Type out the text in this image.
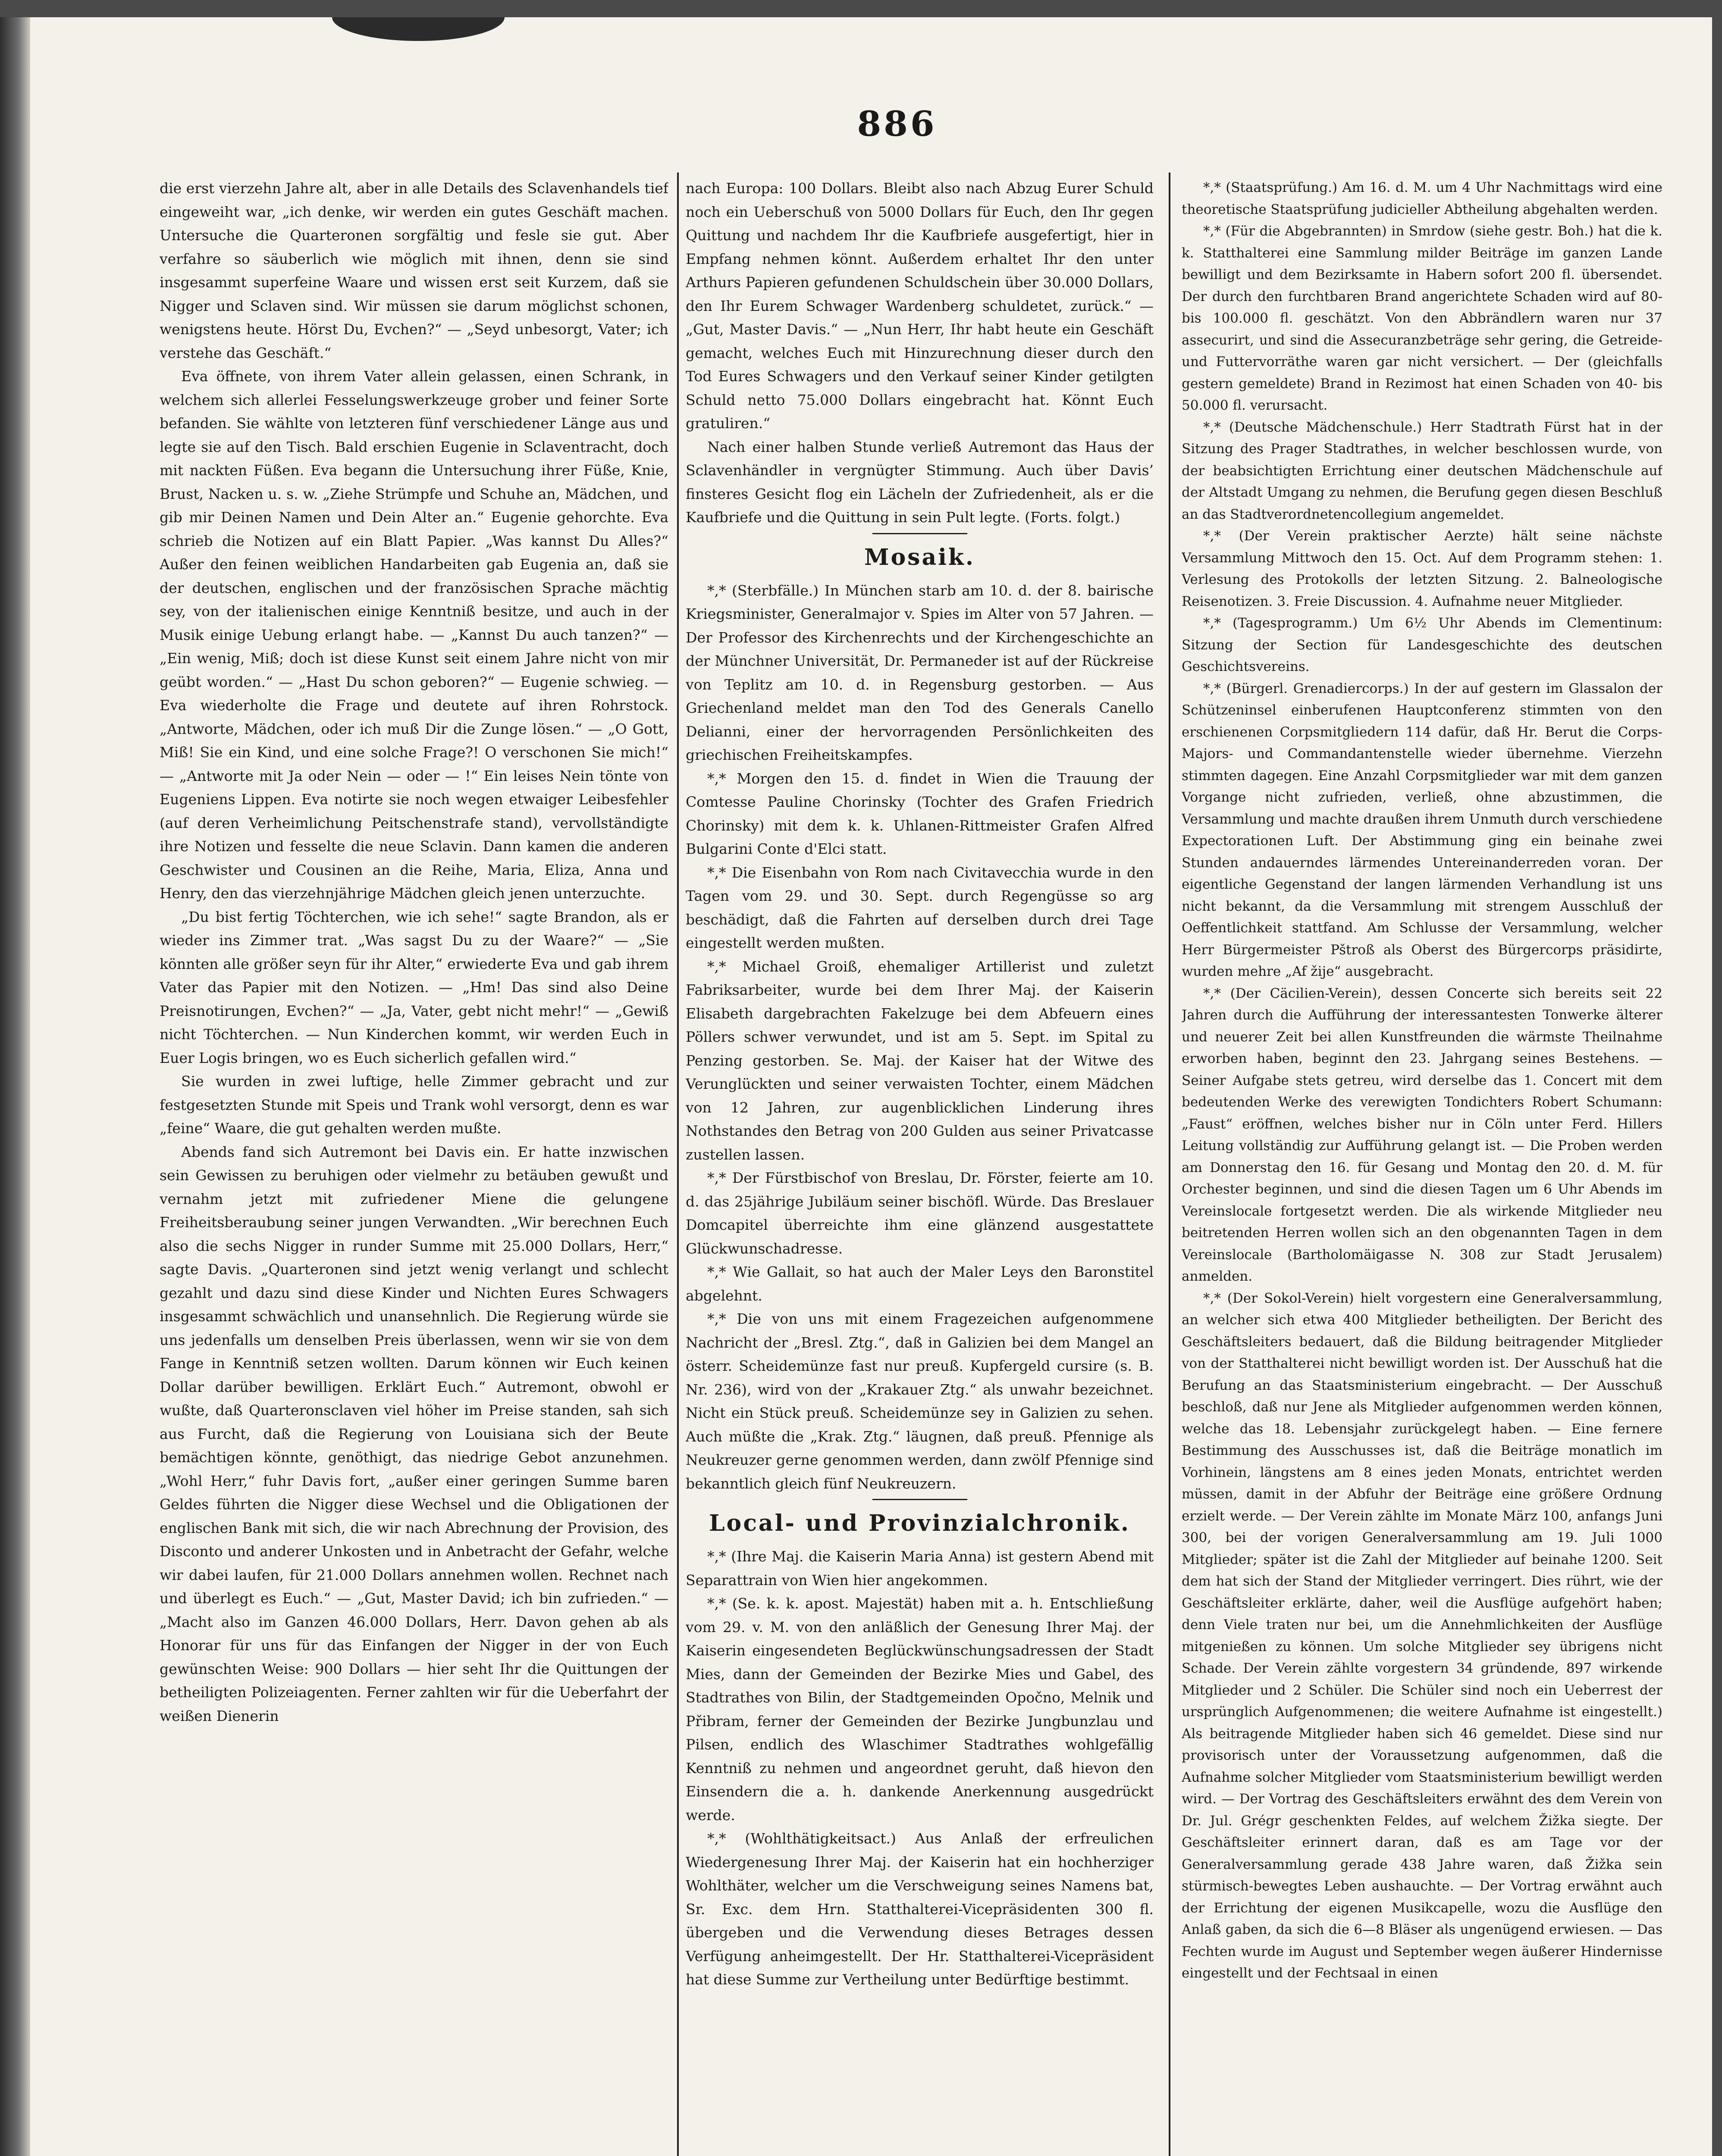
886

die erst vierzehn Jahre alt, aber in alle Details des Sclavenhandels tief eingeweiht war, „ich denke, wir werden ein gutes Geschäft machen. Untersuche die Quarteronen sorgfältig und fesle sie gut. Aber verfahre so säuberlich wie möglich mit ihnen, denn sie sind insgesammt superfeine Waare und wissen erst seit Kurzem, daß sie Nigger und Sclaven sind. Wir müssen sie darum möglichst schonen, wenigstens heute. Hörst Du, Evchen?“ — „Seyd unbesorgt, Vater; ich verstehe das Geschäft.“

Eva öffnete, von ihrem Vater allein gelassen, einen Schrank, in welchem sich allerlei Fesselungswerkzeuge grober und feiner Sorte befanden. Sie wählte von letzteren fünf verschiedener Länge aus und legte sie auf den Tisch. Bald erschien Eugenie in Sclaventracht, doch mit nackten Füßen. Eva begann die Untersuchung ihrer Füße, Knie, Brust, Nacken u. s. w. „Ziehe Strümpfe und Schuhe an, Mädchen, und gib mir Deinen Namen und Dein Alter an.“ Eugenie gehorchte. Eva schrieb die Notizen auf ein Blatt Papier. „Was kannst Du Alles?“ Außer den feinen weiblichen Handarbeiten gab Eugenia an, daß sie der deutschen, englischen und der französischen Sprache mächtig sey, von der italienischen einige Kenntniß besitze, und auch in der Musik einige Uebung erlangt habe. — „Kannst Du auch tanzen?“ — „Ein wenig, Miß; doch ist diese Kunst seit einem Jahre nicht von mir geübt worden.“ — „Hast Du schon geboren?“ — Eugenie schwieg. — Eva wiederholte die Frage und deutete auf ihren Rohrstock. „Antworte, Mädchen, oder ich muß Dir die Zunge lösen.“ — „O Gott, Miß! Sie ein Kind, und eine solche Frage?! O verschonen Sie mich!“ — „Antworte mit Ja oder Nein — oder — !“ Ein leises Nein tönte von Eugeniens Lippen. Eva notirte sie noch wegen etwaiger Leibesfehler (auf deren Verheimlichung Peitschenstrafe stand), vervollständigte ihre Notizen und fesselte die neue Sclavin. Dann kamen die anderen Geschwister und Cousinen an die Reihe, Maria, Eliza, Anna und Henry, den das vierzehnjährige Mädchen gleich jenen unterzuchte.

„Du bist fertig Töchterchen, wie ich sehe!“ sagte Brandon, als er wieder ins Zimmer trat. „Was sagst Du zu der Waare?“ — „Sie könnten alle größer seyn für ihr Alter,“ erwiederte Eva und gab ihrem Vater das Papier mit den Notizen. — „Hm! Das sind also Deine Preisnotirungen, Evchen?“ — „Ja, Vater, gebt nicht mehr!“ — „Gewiß nicht Töchterchen. — Nun Kinderchen kommt, wir werden Euch in Euer Logis bringen, wo es Euch sicherlich gefallen wird.“

Sie wurden in zwei luftige, helle Zimmer gebracht und zur festgesetzten Stunde mit Speis und Trank wohl versorgt, denn es war „feine“ Waare, die gut gehalten werden mußte.

Abends fand sich Autremont bei Davis ein. Er hatte inzwischen sein Gewissen zu beruhigen oder vielmehr zu betäuben gewußt und vernahm jetzt mit zufriedener Miene die gelungene Freiheitsberaubung seiner jungen Verwandten. „Wir berechnen Euch also die sechs Nigger in runder Summe mit 25.000 Dollars, Herr,“ sagte Davis. „Quarteronen sind jetzt wenig verlangt und schlecht gezahlt und dazu sind diese Kinder und Nichten Eures Schwagers insgesammt schwächlich und unansehnlich. Die Regierung würde sie uns jedenfalls um denselben Preis überlassen, wenn wir sie von dem Fange in Kenntniß setzen wollten. Darum können wir Euch keinen Dollar darüber bewilligen. Erklärt Euch.“ Autremont, obwohl er wußte, daß Quarteronsclaven viel höher im Preise standen, sah sich aus Furcht, daß die Regierung von Louisiana sich der Beute bemächtigen könnte, genöthigt, das niedrige Gebot anzunehmen. „Wohl Herr,“ fuhr Davis fort, „außer einer geringen Summe baren Geldes führten die Nigger diese Wechsel und die Obligationen der englischen Bank mit sich, die wir nach Abrechnung der Provision, des Disconto und anderer Unkosten und in Anbetracht der Gefahr, welche wir dabei laufen, für 21.000 Dollars annehmen wollen. Rechnet nach und überlegt es Euch.“ — „Gut, Master David; ich bin zufrieden.“ — „Macht also im Ganzen 46.000 Dollars, Herr. Davon gehen ab als Honorar für uns für das Einfangen der Nigger in der von Euch gewünschten Weise: 900 Dollars — hier seht Ihr die Quittungen der betheiligten Polizeiagenten. Ferner zahlten wir für die Ueberfahrt der weißen Dienerin

nach Europa: 100 Dollars. Bleibt also nach Abzug Eurer Schuld noch ein Ueberschuß von 5000 Dollars für Euch, den Ihr gegen Quittung und nachdem Ihr die Kaufbriefe ausgefertigt, hier in Empfang nehmen könnt. Außerdem erhaltet Ihr den unter Arthurs Papieren gefundenen Schuldschein über 30.000 Dollars, den Ihr Eurem Schwager Wardenberg schuldetet, zurück.“ — „Gut, Master Davis.“ — „Nun Herr, Ihr habt heute ein Geschäft gemacht, welches Euch mit Hinzurechnung dieser durch den Tod Eures Schwagers und den Verkauf seiner Kinder getilgten Schuld netto 75.000 Dollars eingebracht hat. Könnt Euch gratuliren.“

Nach einer halben Stunde verließ Autremont das Haus der Sclavenhändler in vergnügter Stimmung. Auch über Davis’ finsteres Gesicht flog ein Lächeln der Zufriedenheit, als er die Kaufbriefe und die Quittung in sein Pult legte. (Forts. folgt.)

Mosaik.

*,* (Sterbfälle.) In München starb am 10. d. der 8. bairische Kriegsminister, Generalmajor v. Spies im Alter von 57 Jahren. — Der Professor des Kirchenrechts und der Kirchengeschichte an der Münchner Universität, Dr. Permaneder ist auf der Rückreise von Teplitz am 10. d. in Regensburg gestorben. — Aus Griechenland meldet man den Tod des Generals Canello Delianni, einer der hervorragenden Persönlichkeiten des griechischen Freiheitskampfes.

*,* Morgen den 15. d. findet in Wien die Trauung der Comtesse Pauline Chorinsky (Tochter des Grafen Friedrich Chorinsky) mit dem k. k. Uhlanen-Rittmeister Grafen Alfred Bulgarini Conte d'Elci statt.

*,* Die Eisenbahn von Rom nach Civitavecchia wurde in den Tagen vom 29. und 30. Sept. durch Regengüsse so arg beschädigt, daß die Fahrten auf derselben durch drei Tage eingestellt werden mußten.

*,* Michael Groiß, ehemaliger Artillerist und zuletzt Fabriksarbeiter, wurde bei dem Ihrer Maj. der Kaiserin Elisabeth dargebrachten Fakelzuge bei dem Abfeuern eines Pöllers schwer verwundet, und ist am 5. Sept. im Spital zu Penzing gestorben. Se. Maj. der Kaiser hat der Witwe des Verunglückten und seiner verwaisten Tochter, einem Mädchen von 12 Jahren, zur augenblicklichen Linderung ihres Nothstandes den Betrag von 200 Gulden aus seiner Privatcasse zustellen lassen.

*,* Der Fürstbischof von Breslau, Dr. Förster, feierte am 10. d. das 25jährige Jubiläum seiner bischöfl. Würde. Das Breslauer Domcapitel überreichte ihm eine glänzend ausgestattete Glückwunschadresse.

*,* Wie Gallait, so hat auch der Maler Leys den Baronstitel abgelehnt.

*,* Die von uns mit einem Fragezeichen aufgenommene Nachricht der „Bresl. Ztg.“, daß in Galizien bei dem Mangel an österr. Scheidemünze fast nur preuß. Kupfergeld cursire (s. B. Nr. 236), wird von der „Krakauer Ztg.“ als unwahr bezeichnet. Nicht ein Stück preuß. Scheidemünze sey in Galizien zu sehen. Auch müßte die „Krak. Ztg.“ läugnen, daß preuß. Pfennige als Neukreuzer gerne genommen werden, dann zwölf Pfennige sind bekanntlich gleich fünf Neukreuzern.

Local- und Provinzialchronik.

*,* (Ihre Maj. die Kaiserin Maria Anna) ist gestern Abend mit Separattrain von Wien hier angekommen.

*,* (Se. k. k. apost. Majestät) haben mit a. h. Entschließung vom 29. v. M. von den anläßlich der Genesung Ihrer Maj. der Kaiserin eingesendeten Beglückwünschungsadressen der Stadt Mies, dann der Gemeinden der Bezirke Mies und Gabel, des Stadtrathes von Bilin, der Stadtgemeinden Opočno, Melnik und Přibram, ferner der Gemeinden der Bezirke Jungbunzlau und Pilsen, endlich des Wlaschimer Stadtrathes wohlgefällig Kenntniß zu nehmen und angeordnet geruht, daß hievon den Einsendern die a. h. dankende Anerkennung ausgedrückt werde.

*,* (Wohlthätigkeitsact.) Aus Anlaß der erfreulichen Wiedergenesung Ihrer Maj. der Kaiserin hat ein hochherziger Wohlthäter, welcher um die Verschweigung seines Namens bat, Sr. Exc. dem Hrn. Statthalterei-Vicepräsidenten 300 fl. übergeben und die Verwendung dieses Betrages dessen Verfügung anheimgestellt. Der Hr. Statthalterei-Vicepräsident hat diese Summe zur Vertheilung unter Bedürftige bestimmt.

*,* (Staatsprüfung.) Am 16. d. M. um 4 Uhr Nachmittags wird eine theoretische Staatsprüfung judicieller Abtheilung abgehalten werden.

*,* (Für die Abgebrannten) in Smrdow (siehe gestr. Boh.) hat die k. k. Statthalterei eine Sammlung milder Beiträge im ganzen Lande bewilligt und dem Bezirksamte in Habern sofort 200 fl. übersendet. Der durch den furchtbaren Brand angerichtete Schaden wird auf 80- bis 100.000 fl. geschätzt. Von den Abbrändlern waren nur 37 assecurirt, und sind die Assecuranzbeträge sehr gering, die Getreide- und Futtervorräthe waren gar nicht versichert. — Der (gleichfalls gestern gemeldete) Brand in Rezimost hat einen Schaden von 40- bis 50.000 fl. verursacht.

*,* (Deutsche Mädchenschule.) Herr Stadtrath Fürst hat in der Sitzung des Prager Stadtrathes, in welcher beschlossen wurde, von der beabsichtigten Errichtung einer deutschen Mädchenschule auf der Altstadt Umgang zu nehmen, die Berufung gegen diesen Beschluß an das Stadtverordnetencollegium angemeldet.

*,* (Der Verein praktischer Aerzte) hält seine nächste Versammlung Mittwoch den 15. Oct. Auf dem Programm stehen: 1. Verlesung des Protokolls der letzten Sitzung. 2. Balneologische Reisenotizen. 3. Freie Discussion. 4. Aufnahme neuer Mitglieder.

*,* (Tagesprogramm.) Um 6½ Uhr Abends im Clementinum: Sitzung der Section für Landesgeschichte des deutschen Geschichtsvereins.

*,* (Bürgerl. Grenadiercorps.) In der auf gestern im Glassalon der Schützeninsel einberufenen Hauptconferenz stimmten von den erschienenen Corpsmitgliedern 114 dafür, daß Hr. Berut die Corps-Majors- und Commandantenstelle wieder übernehme. Vierzehn stimmten dagegen. Eine Anzahl Corpsmitglieder war mit dem ganzen Vorgange nicht zufrieden, verließ, ohne abzustimmen, die Versammlung und machte draußen ihrem Unmuth durch verschiedene Expectorationen Luft. Der Abstimmung ging ein beinahe zwei Stunden andauerndes lärmendes Untereinanderreden voran. Der eigentliche Gegenstand der langen lärmenden Verhandlung ist uns nicht bekannt, da die Versammlung mit strengem Ausschluß der Oeffentlichkeit stattfand. Am Schlusse der Versammlung, welcher Herr Bürgermeister Pštroß als Oberst des Bürgercorps präsidirte, wurden mehre „Af žije“ ausgebracht.

*,* (Der Cäcilien-Verein), dessen Concerte sich bereits seit 22 Jahren durch die Aufführung der interessantesten Tonwerke älterer und neuerer Zeit bei allen Kunstfreunden die wärmste Theilnahme erworben haben, beginnt den 23. Jahrgang seines Bestehens. — Seiner Aufgabe stets getreu, wird derselbe das 1. Concert mit dem bedeutenden Werke des verewigten Tondichters Robert Schumann: „Faust“ eröffnen, welches bisher nur in Cöln unter Ferd. Hillers Leitung vollständig zur Aufführung gelangt ist. — Die Proben werden am Donnerstag den 16. für Gesang und Montag den 20. d. M. für Orchester beginnen, und sind die diesen Tagen um 6 Uhr Abends im Vereinslocale fortgesetzt werden. Die als wirkende Mitglieder neu beitretenden Herren wollen sich an den obgenannten Tagen in dem Vereinslocale (Bartholomäigasse N. 308 zur Stadt Jerusalem) anmelden.

*,* (Der Sokol-Verein) hielt vorgestern eine Generalversammlung, an welcher sich etwa 400 Mitglieder betheiligten. Der Bericht des Geschäftsleiters bedauert, daß die Bildung beitragender Mitglieder von der Statthalterei nicht bewilligt worden ist. Der Ausschuß hat die Berufung an das Staatsministerium eingebracht. — Der Ausschuß beschloß, daß nur Jene als Mitglieder aufgenommen werden können, welche das 18. Lebensjahr zurückgelegt haben. — Eine fernere Bestimmung des Ausschusses ist, daß die Beiträge monatlich im Vorhinein, längstens am 8 eines jeden Monats, entrichtet werden müssen, damit in der Abfuhr der Beiträge eine größere Ordnung erzielt werde. — Der Verein zählte im Monate März 100, anfangs Juni 300, bei der vorigen Generalversammlung am 19. Juli 1000 Mitglieder; später ist die Zahl der Mitglieder auf beinahe 1200. Seit dem hat sich der Stand der Mitglieder verringert. Dies rührt, wie der Geschäftsleiter erklärte, daher, weil die Ausflüge aufgehört haben; denn Viele traten nur bei, um die Annehmlichkeiten der Ausflüge mitgenießen zu können. Um solche Mitglieder sey übrigens nicht Schade. Der Verein zählte vorgestern 34 gründende, 897 wirkende Mitglieder und 2 Schüler. Die Schüler sind noch ein Ueberrest der ursprünglich Aufgenommenen; die weitere Aufnahme ist eingestellt.) Als beitragende Mitglieder haben sich 46 gemeldet. Diese sind nur provisorisch unter der Voraussetzung aufgenommen, daß die Aufnahme solcher Mitglieder vom Staatsministerium bewilligt werden wird. — Der Vortrag des Geschäftsleiters erwähnt des dem Verein von Dr. Jul. Grégr geschenkten Feldes, auf welchem Žižka siegte. Der Geschäftsleiter erinnert daran, daß es am Tage vor der Generalversammlung gerade 438 Jahre waren, daß Žižka sein stürmisch-bewegtes Leben aushauchte. — Der Vortrag erwähnt auch der Errichtung der eigenen Musikcapelle, wozu die Ausflüge den Anlaß gaben, da sich die 6—8 Bläser als ungenügend erwiesen. — Das Fechten wurde im August und September wegen äußerer Hindernisse eingestellt und der Fechtsaal in einen
